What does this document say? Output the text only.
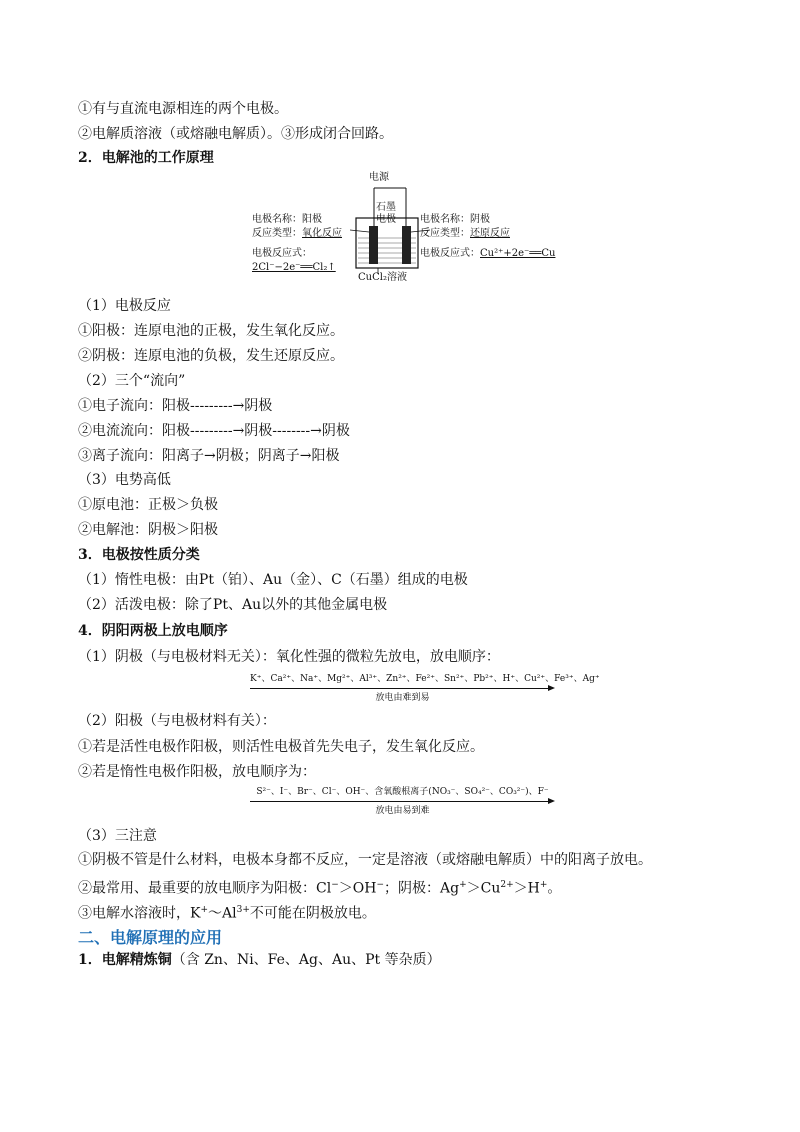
①有与直流电源相连的两个电极。
②电解质溶液（或熔融电解质）。③形成闭合回路。
2．电解池的工作原理
电源
石墨
电极
电极名称：阳极
反应类型：氧化反应
电极反应式：
2Cl⁻−2e⁻══Cl₂↑
电极名称：阴极
反应类型：还原反应
电极反应式：Cu²⁺+2e⁻══Cu
CuCl₂溶液
（1）电极反应
①阳极：连原电池的正极，发生氧化反应。
②阴极：连原电池的负极，发生还原反应。
（2）三个“流向”
①电子流向：阳极---------→阴极
②电流流向：阳极---------→阴极--------→阴极
③离子流向：阳离子→阴极；阴离子→阳极
（3）电势高低
①原电池：正极＞负极
②电解池：阴极＞阳极
3．电极按性质分类
（1）惰性电极：由Pt（铂）、Au（金）、C（石墨）组成的电极
（2）活泼电极：除了Pt、Au以外的其他金属电极
4．阴阳两极上放电顺序
（1）阴极（与电极材料无关）：氧化性强的微粒先放电，放电顺序：
K⁺、Ca²⁺、Na⁺、Mg²⁺、Al³⁺、Zn²⁺、Fe²⁺、Sn²⁺、Pb²⁺、H⁺、Cu²⁺、Fe³⁺、Ag⁺
放电由难到易
（2）阳极（与电极材料有关）：
①若是活性电极作阳极，则活性电极首先失电子，发生氧化反应。
②若是惰性电极作阳极，放电顺序为：
S²⁻、I⁻、Br⁻、Cl⁻、OH⁻、含氧酸根离子(NO₃⁻、SO₄²⁻、CO₃²⁻)、F⁻
放电由易到难
（3）三注意
①阴极不管是什么材料，电极本身都不反应，一定是溶液（或熔融电解质）中的阳离子放电。
②最常用、最重要的放电顺序为阳极：Cl−＞OH−；阴极：$Ag^+>Cu^{2+}>H^+$。
③电解水溶液时，$K^+\sim Al^{3+}$不可能在阴极放电。
二、电解原理的应用
1．电解精炼铜（含 Zn、Ni、Fe、Ag、Au、Pt 等杂质）
